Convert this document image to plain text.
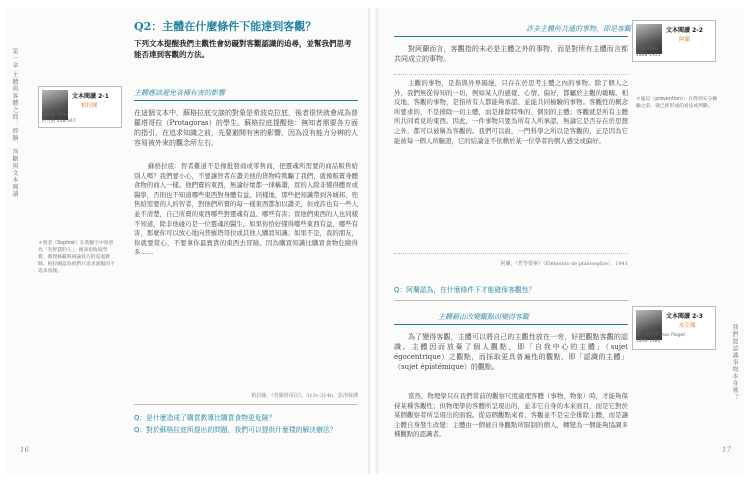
第一章 主體與客體之間：經驗、判斷與文本閱讀
16
Q2：主體在什麼條件下能達到客觀？
下列文本提醒我們主觀性會妨礙對客觀認識的追尋，並幫我們思考能否達到客觀的方法。
文本閱讀 2-1
柏拉圖
柏拉圖 Plato
約元前 428-347
主體應該避免各種有害的影響
在這個文本中，蘇格拉底交談的對象是希波克拉底，後者很快就會成為普羅塔哥拉（Protagoras）的學生。蘇格拉底提醒他：無知者需要各方面的指引，在追求知識之前，先要避開有害的影響，因為沒有能力分辨的人容易被外來的觀念所左右。
蘇格拉底：智者難道不是像批發商或零售商，把靈魂所需要的商品販售給別人嗎？我們要小心，不要讓智者在讚美他的貨物時欺騙了我們，就像販賣身體食物的商人一樣。他們賣的東西，無論好壞都一律稱讚，買的人除非懂得體育或醫學，否則也不知道哪些東西對身體有益。同樣地，那些把知識帶到各城邦、兜售給需要的人的智者，對他們所賣的每一樣東西都加以讚美，但或許也有一些人並不清楚，自己所賣的東西哪些對靈魂有益、哪些有害；買他們東西的人也同樣不知道，除非他碰巧是一位靈魂的醫生。如果你恰好懂得哪些東西有益、哪些有害，那麼你可以放心地向普羅塔哥拉或其他人購買知識；如果不是，我的朋友，你就要當心，不要拿你最寶貴的東西去冒險。因為購買知識比購買食物危險得多……
柏拉圖，《普羅塔哥拉》，313c-314b，彭清發譯
＊智者（Sophist）在希臘字中原意為「有智慧的人」，後來指收取學費、教授修辭與辯論技巧的巡迴教師。柏拉圖認為他們只追求說服而不追求真理。
Q：是什麼造成了購買教導比購買食物更危險？
Q：對於蘇格拉底所提出的問題，我們可以提供什麼樣的解決辦法？
我們能認識事物本身嗎？
17
許多主體所共通的事物，即是客觀	文本閱讀 2-2
阿蘭
阿蘭 Alain
1868-1951
對阿蘭而言，客觀指的未必是主體之外的事物，而是對所有主體而言都共同成立的事物。
主觀的事物，是指與外界隔絕，只存在於思考主體之內的事物。除了個人之外，我們無從得知的一切，例如某人的感覺、心情、偏好，都屬於主觀的範疇。相反地，客觀的事物，是指所有人都能夠承認、並能共同檢驗的事物。客觀性的概念所要求的，不是排除一切主體，而是排除特殊的、個別的主體；客觀就是所有主體所共同看見的東西。因此，一件事物只要為所有人所承認，無論它是否存在於思想之外，都可以被稱為客觀的。我們可以說，一門科學之所以是客觀的，正是因為它能被每一個人所驗證，它的結論並不依賴於某一位學者的個人感受或偏好。
阿蘭，《哲學要素》（Éléments de philosophie），1941
＊偏見（prévention）：在得到充分檢驗之前，就已經形成的看法或判斷。
Q：阿蘭認為，在什麼條件下才能確保客觀性？
主體藉由改變觀點而變得客觀	文本閱讀 2-3
皮亞傑
尚・皮亞傑 Jean Piaget
1896-1980
為了變得客觀，主體可以將自己的主觀性放在一旁，好把觀點客觀的認識。主體因而放棄了個人觀點，即「自我中心的主體」（sujet égocentrique）之觀點，而採取更具普遍性的觀點，即「認識的主體」（sujet épistémique）的觀點。
當然，物理學只在我們當前的觀察尺度處理客體（事物、物象）時，才能夠保持某種客觀性；但物理學的客體所呈現出的，並非它自身的本來面目，而是它對於某個觀察者所呈現出的面貌。從這個觀點來看，客觀並不是完全排除主體，而是讓主體自身發生改變：主體由一個被自身觀點所限制的個人，轉變為一個能夠協調多種觀點的認識者。
